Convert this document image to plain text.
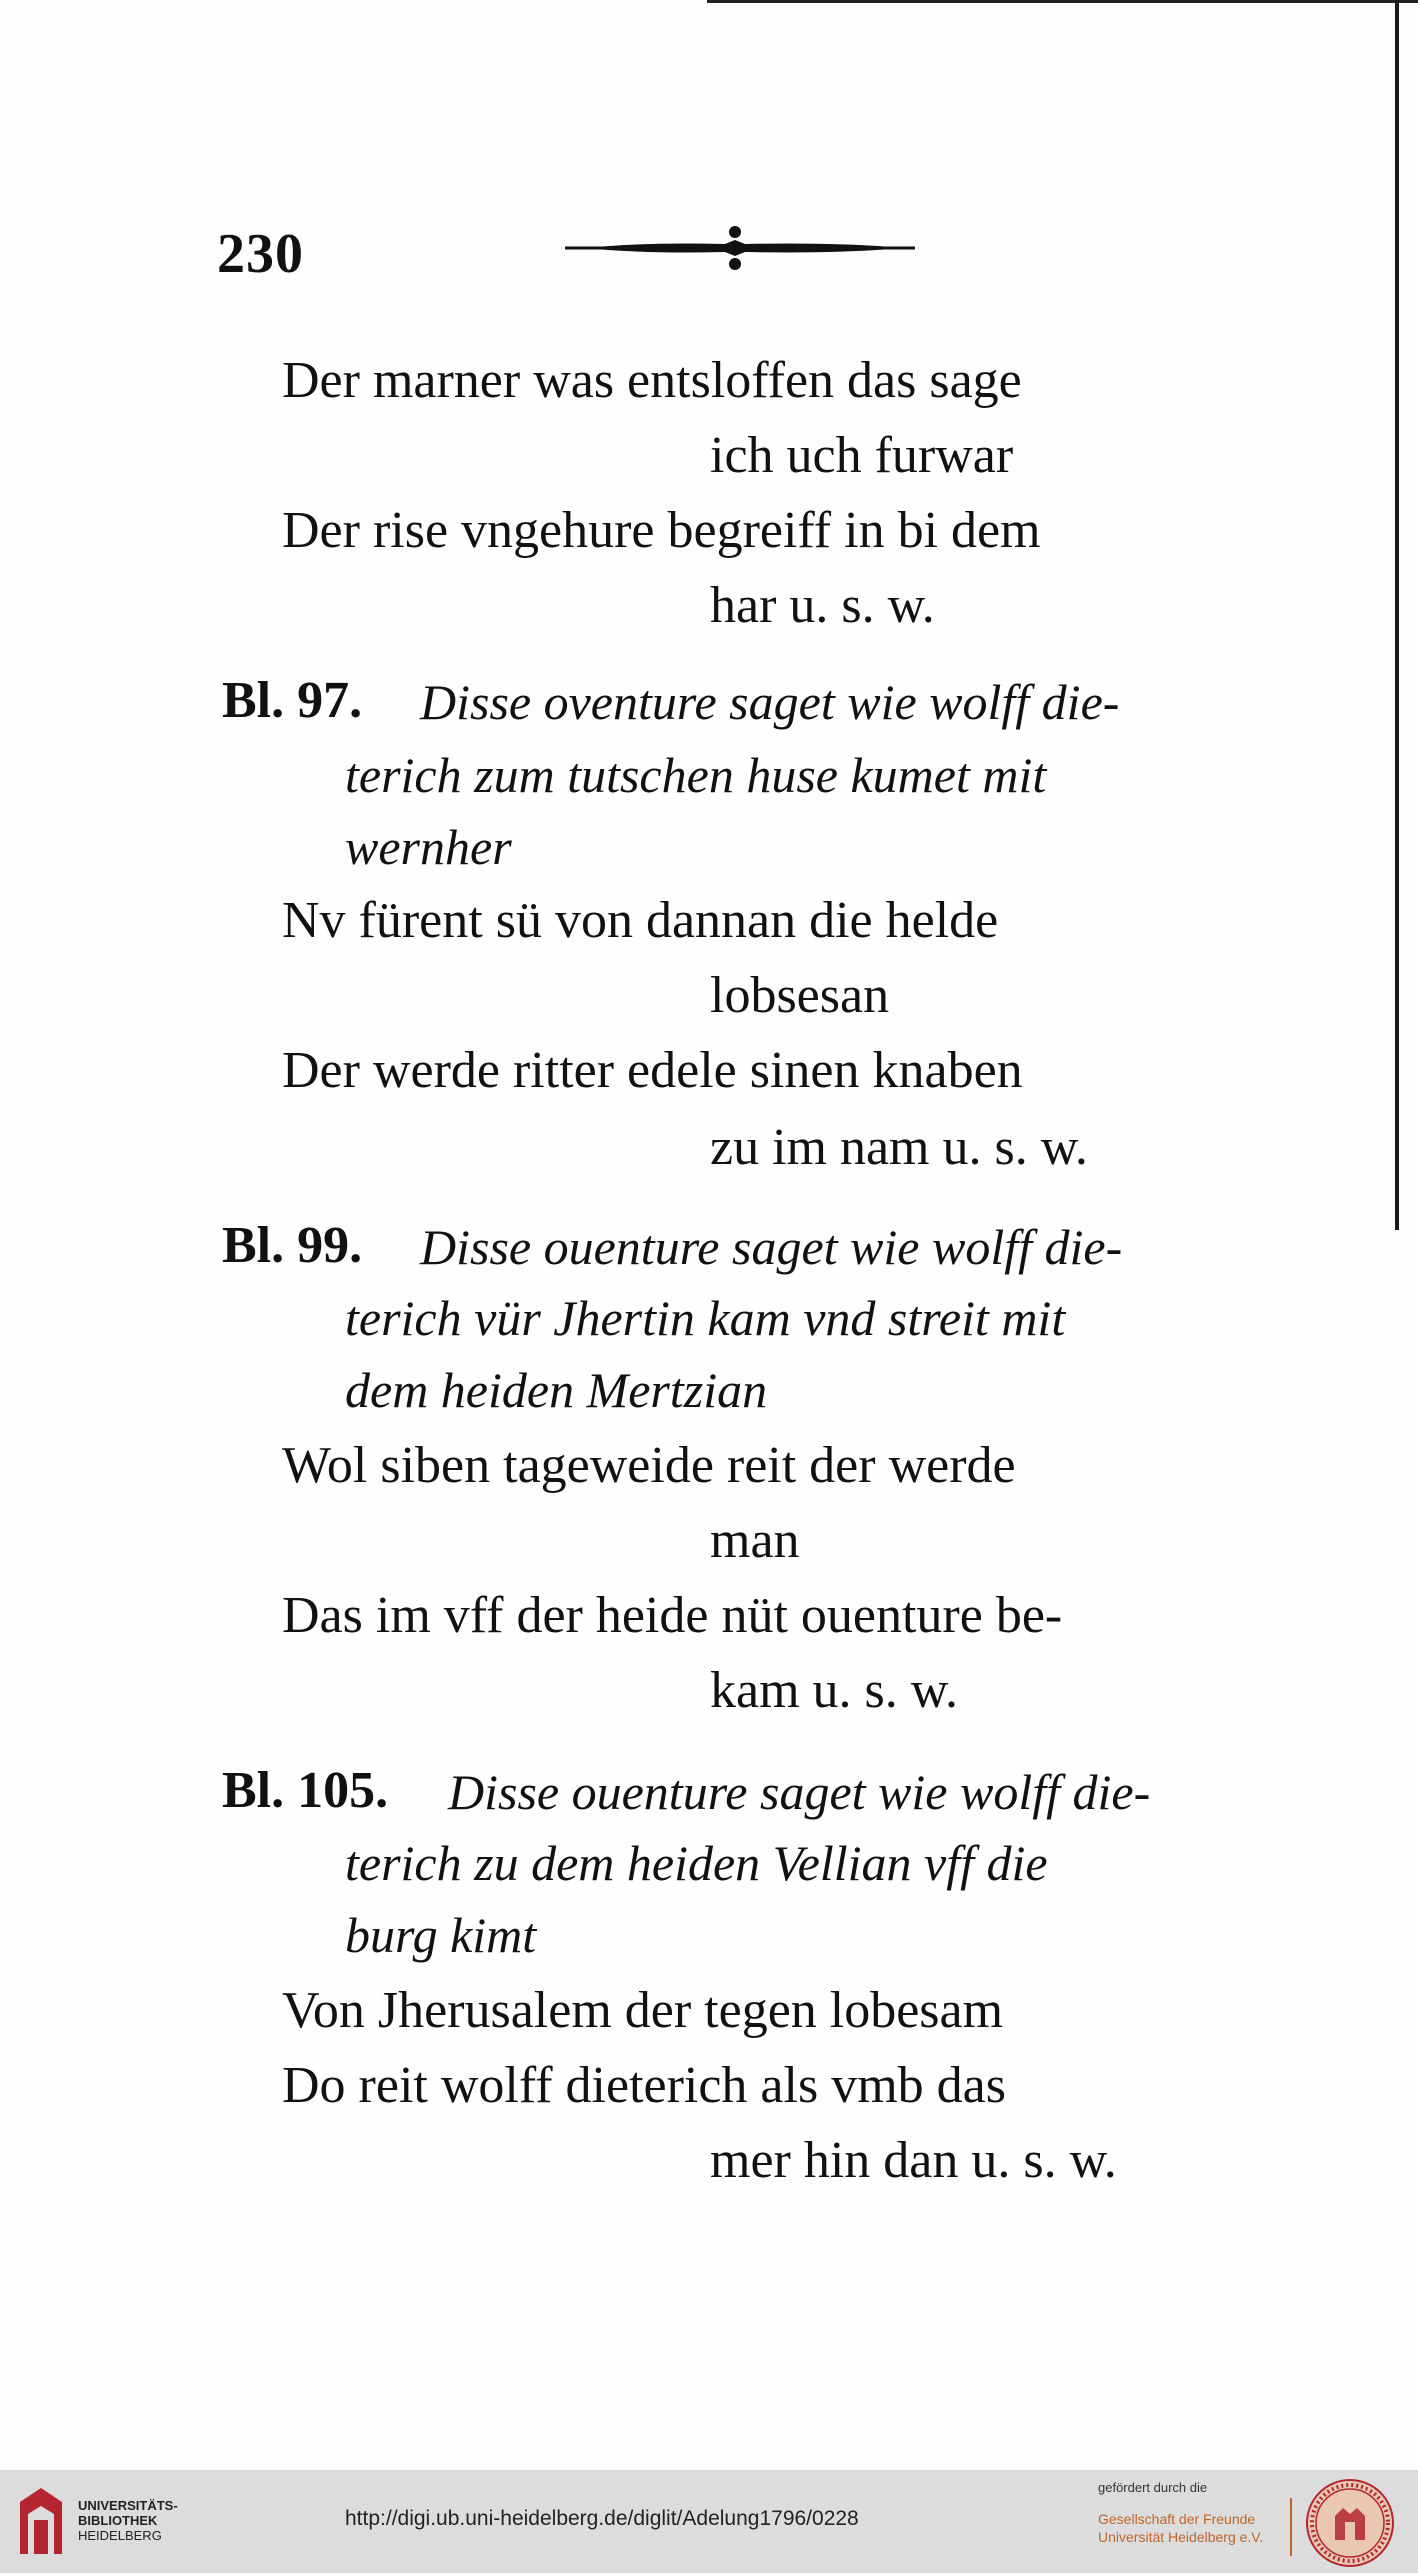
230
Der marner was entsloffen das sage
ich uch furwar
Der rise vngehure begreiff in bi dem
har u. s. w.
Bl. 97. Disse oventure saget wie wolff die-
terich zum tutschen huse kumet mit
wernher
Nv fürent sü von dannan die helde
lobsesan
Der werde ritter edele sinen knaben
zu im nam u. s. w.
Bl. 99. Disse ouenture saget wie wolff die-
terich vür Jhertin kam vnd streit mit
dem heiden Mertzian
Wol siben tageweide reit der werde
man
Das im vff der heide nüt ouenture be-
kam u. s. w.
Bl. 105. Disse ouenture saget wie wolff die-
terich zu dem heiden Vellian vff die
burg kimt
Von Jherusalem der tegen lobesam
Do reit wolff dieterich als vmb das
mer hin dan u. s. w.
UNIVERSITÄTS-
BIBLIOTHEK
HEIDELBERG
http://digi.ub.uni-heidelberg.de/diglit/Adelung1796/0228
gefördert durch die
Gesellschaft der Freunde
Universität Heidelberg e.V.
